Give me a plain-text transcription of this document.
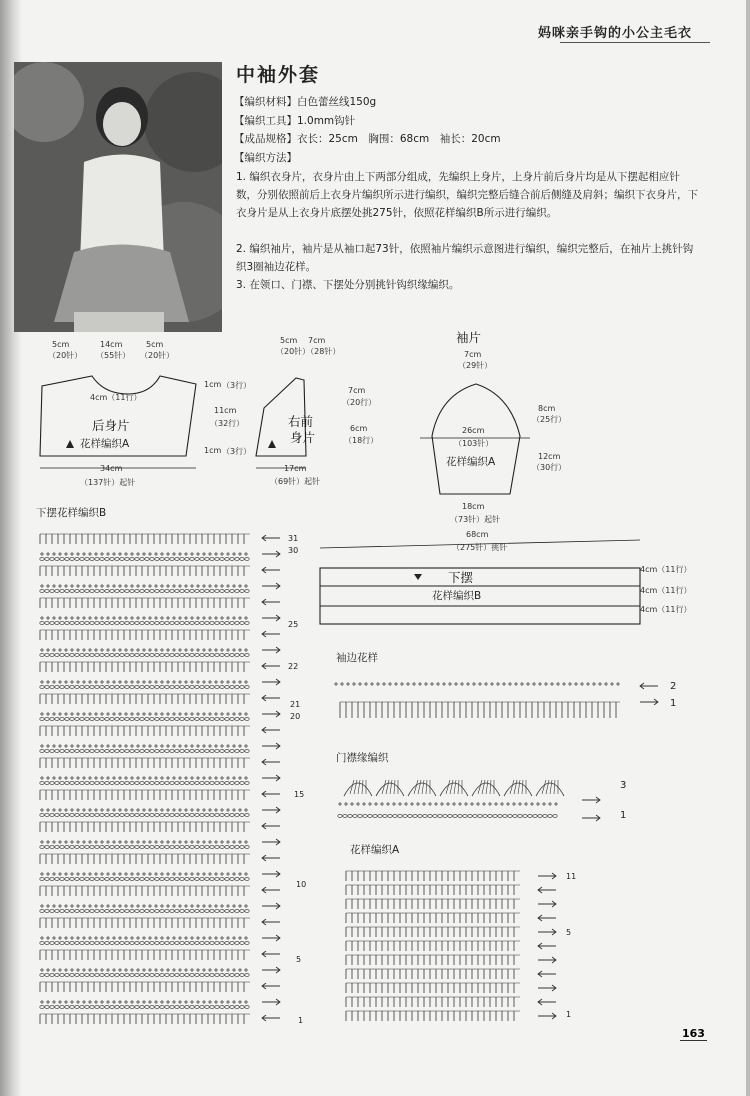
妈咪亲手钩的小公主毛衣
中袖外套
【编织材料】白色蕾丝线150g
【编织工具】1.0mm钩针
【成品规格】衣长：25cm　胸围：68cm　袖长：20cm
【编织方法】
1. 编织衣身片，衣身片由上下两部分组成，先编织上身片，上身片前后身片均是从下摆起相应针数，分别依照前后上衣身片编织所示进行编织，编织完整后缝合前后侧缝及肩斜；编织下衣身片，下衣身片是从上衣身片底摆处挑275针，依照花样编织B所示进行编织。
2. 编织袖片，袖片是从袖口起73针，依照袖片编织示意图进行编织，编织完整后，在袖片上挑针钩织3圈袖边花样。
3. 在领口、门襟、下摆处分别挑针钩织缘编织。
5cm
（20针）
14cm
（55针）
5cm
（20针）
4cm（11行）
1cm （3行）
11cm
（32行）
1cm （3行）
后身片
花样编织A
34cm
（137针）起针
5cm 7cm
（20针）（28针）
7cm
（20行）
6cm
（18行）
右前
身片
17cm
（69针）起针
袖片
7cm
（29针）
8cm
（25行）
26cm
（103针）
12cm
（30行）
花样编织A
18cm
（73针）起针
68cm
（275针）挑针
下摆
花样编织B
4cm（11行）
4cm（11行）
4cm（11行）
下摆花样编织B
31
30
25
22
21
20
15
10
5
1
袖边花样
2
1
门襟缘编织
3
1
花样编织A
11
5
1
163
